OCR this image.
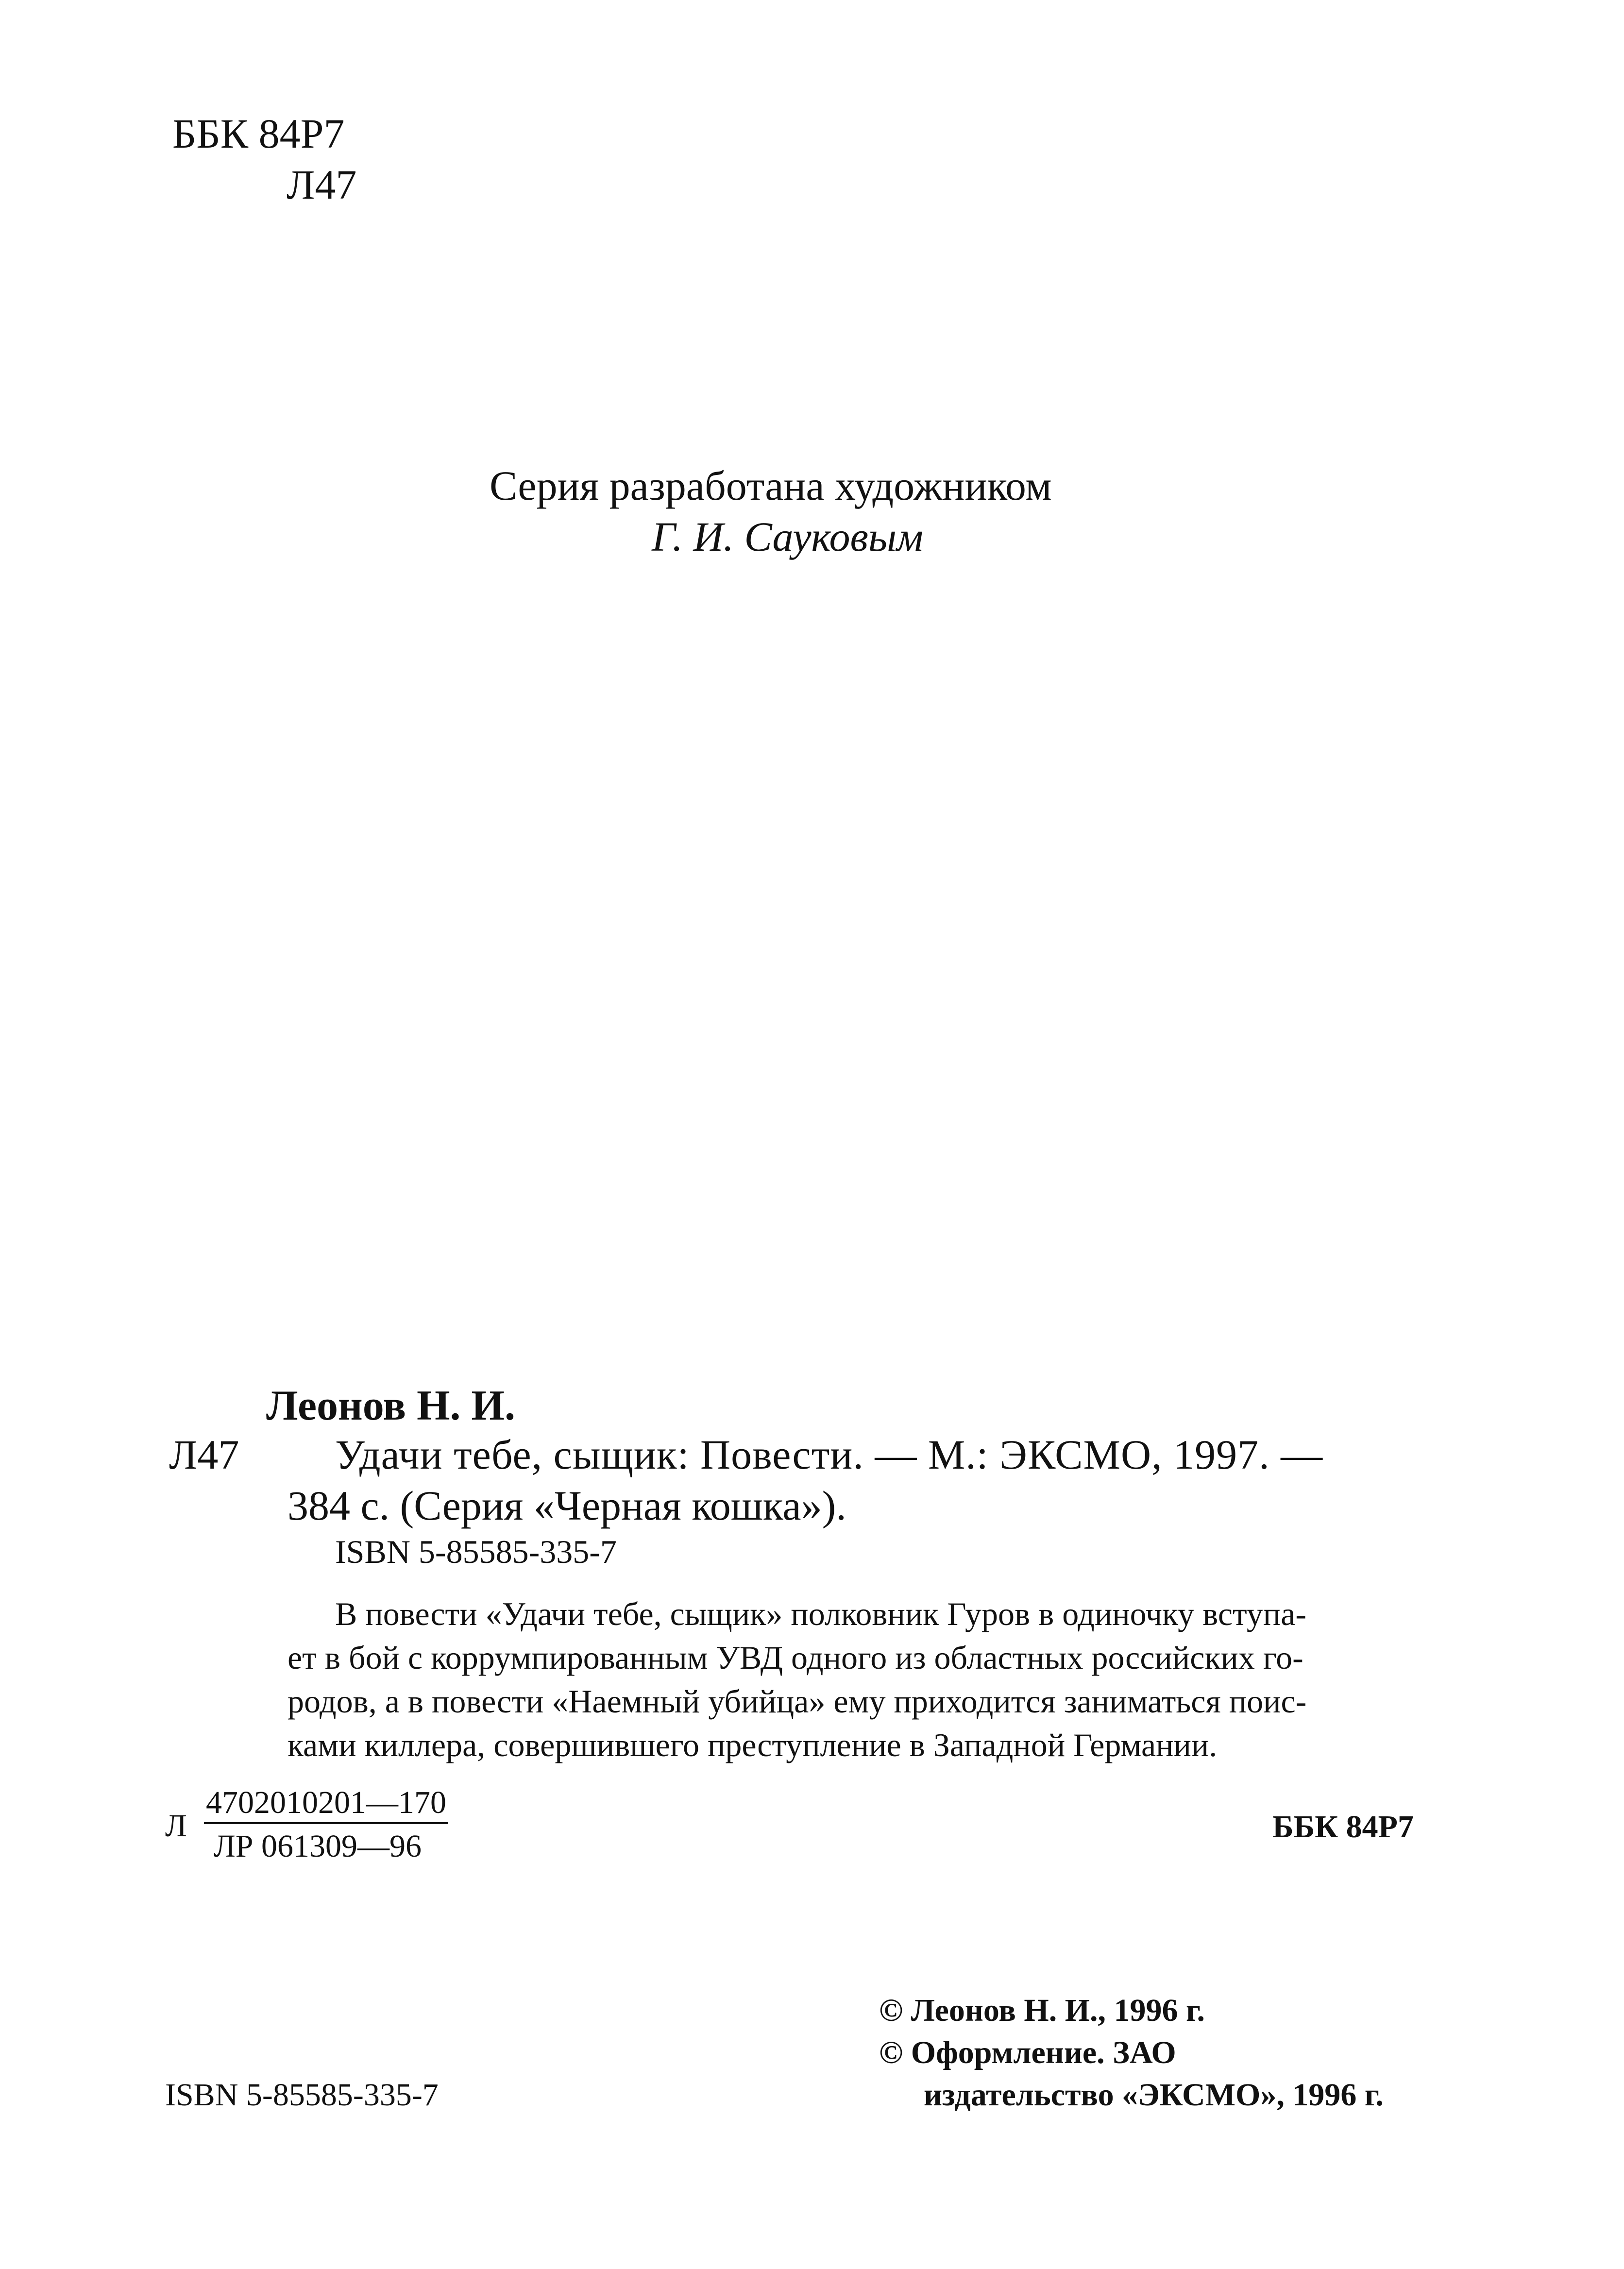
ББК 84Р7
Л47
Серия разработана художником
Г. И. Сауковым
Леонов Н. И.
Л47 Удачи тебе, сыщик: Повести. — М.: ЭКСМО, 1997. —
384 с. (Серия «Черная кошка»).
ISBN 5-85585-335-7
В повести «Удачи тебе, сыщик» полковник Гуров в одиночку вступа-
ет в бой с коррумпированным УВД одного из областных российских го-
родов, а в повести «Наемный убийца» ему приходится заниматься поис-
ками киллера, совершившего преступление в Западной Германии.
Л
4702010201—170
ЛР 061309—96
ББК 84Р7
© Леонов Н. И., 1996 г.
© Оформление. ЗАО
издательство «ЭКСМО», 1996 г.
ISBN 5-85585-335-7
